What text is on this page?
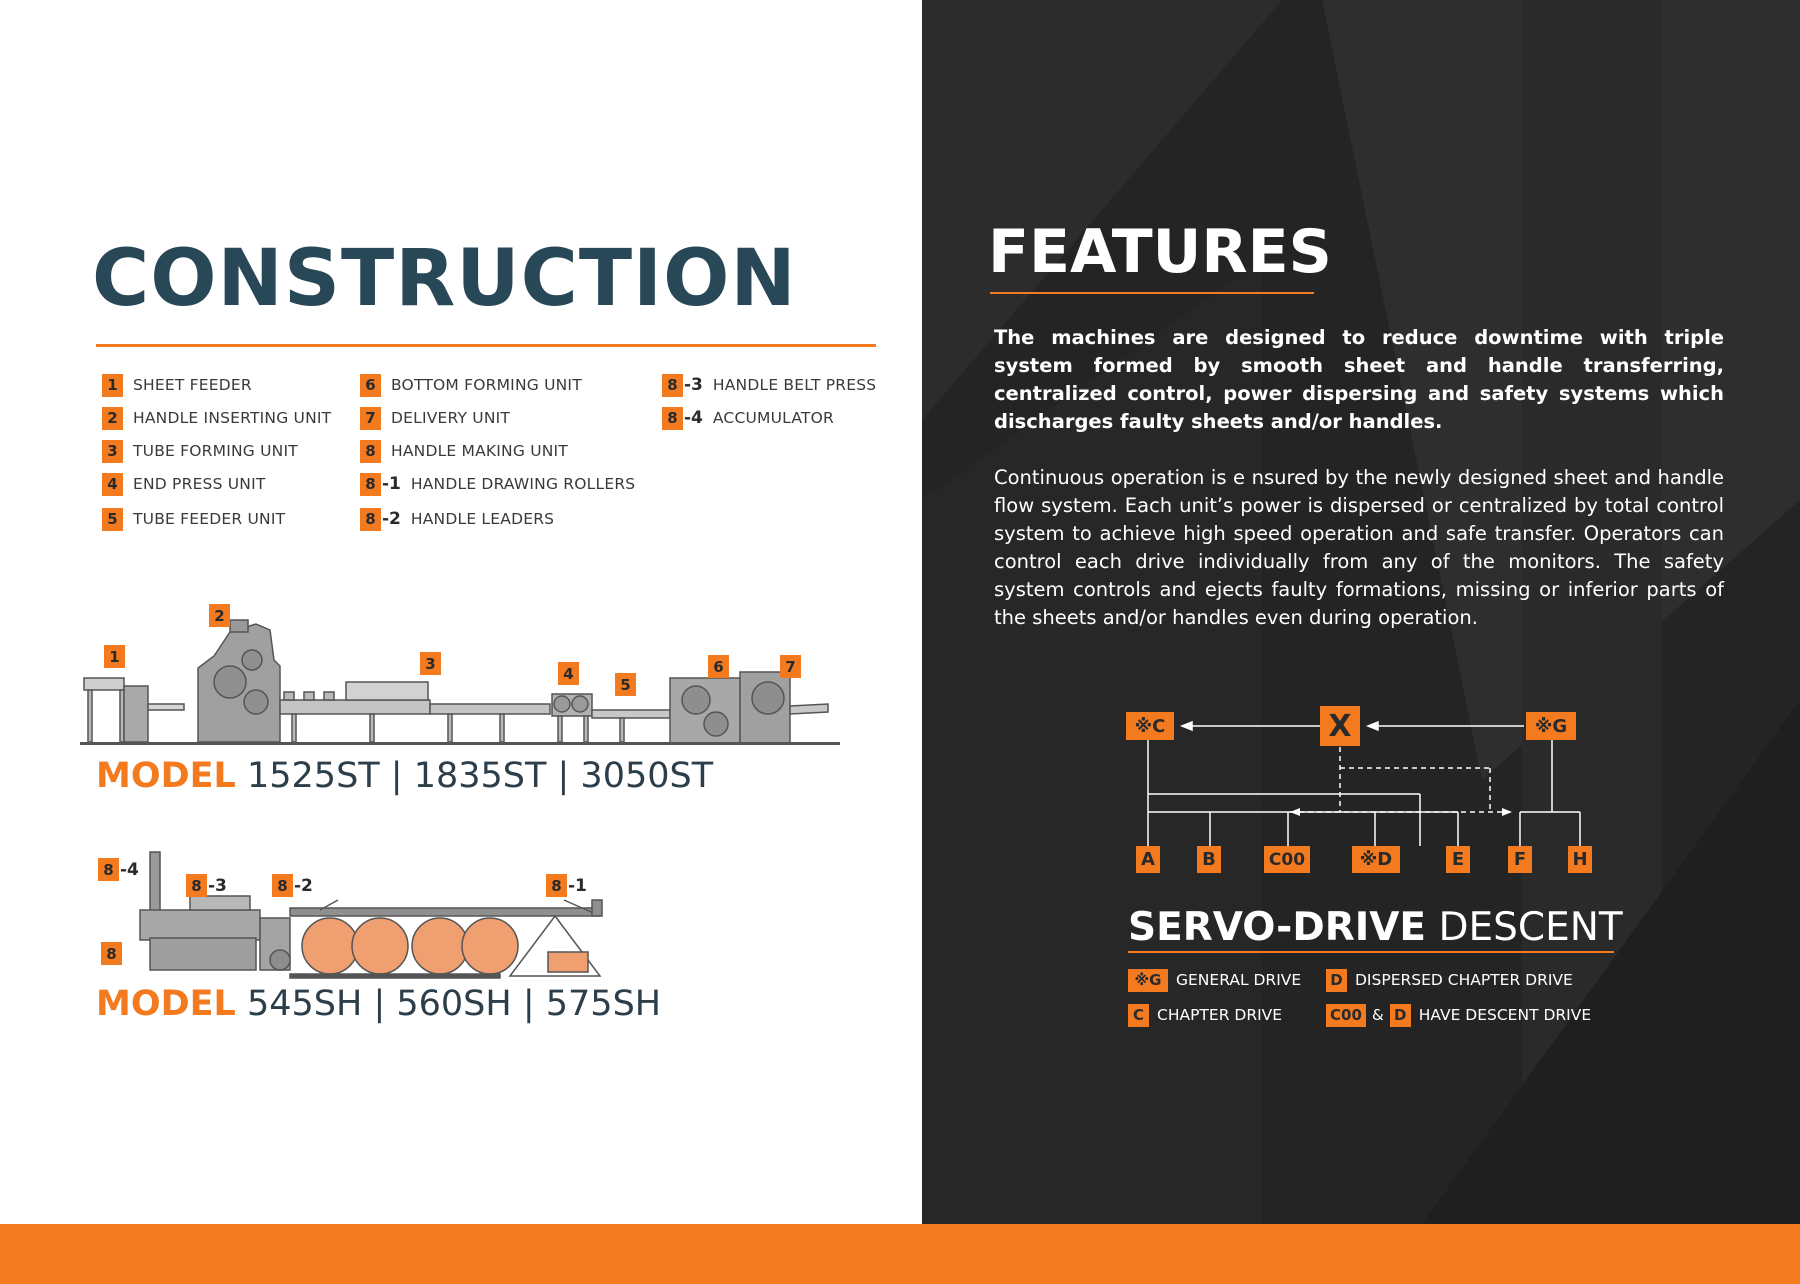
CONSTRUCTION
1 SHEET FEEDER
2 HANDLE INSERTING UNIT
3 TUBE FORMING UNIT
4 END PRESS UNIT
5 TUBE FEEDER UNIT
6 BOTTOM FORMING UNIT
7 DELIVERY UNIT
8 HANDLE MAKING UNIT
8 -1 HANDLE DRAWING ROLLERS
8 -2 HANDLE LEADERS
8 -3 HANDLE BELT PRESS
8 -4 ACCUMULATOR
1
2
3
4
5
6	7
MODEL 1525ST | 1835ST | 3050ST
8 -4
8 -3	8 -2	8 -1
8
MODEL 545SH | 560SH | 575SH
FEATURES

The machines are designed to reduce downtime with triple system formed by smooth sheet and handle transferring, centralized control, power dispersing and safety systems which discharges faulty sheets and/or handles.

Continuous operation is e nsured by the newly designed sheet and handle flow system. Each unit’s power is dispersed or centralized by total control system to achieve high speed operation and safe transfer. Operators can control each drive individually from any of the monitors. The safety system controls and ejects faulty formations, missing or inferior parts of the sheets and/or handles even during operation.

※C	X	※G
A	B	C00	※D	E	F	H
SERVO-DRIVE DESCENT
※G GENERAL DRIVE D DISPERSED CHAPTER DRIVE
C CHAPTER DRIVE	C00 & D HAVE DESCENT DRIVE
